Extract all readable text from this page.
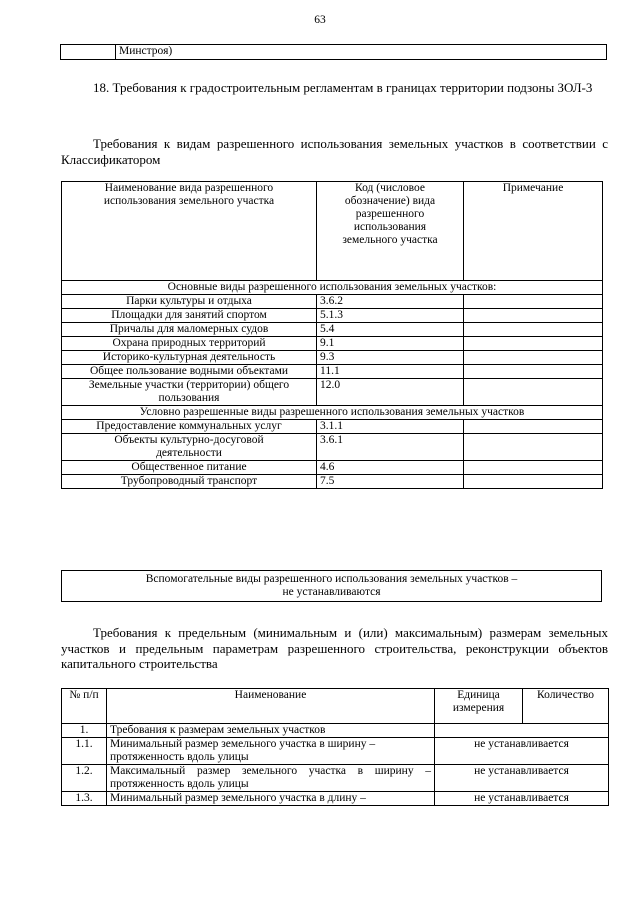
63
	Минстроя)
18. Требования к градостроительным регламентам в границах территории подзоны ЗОЛ-3
Требования к видам разрешенного использования земельных участков в соответствии с Классификатором
Наименование вида разрешенного использования земельного участка	Код (числовое обозначение) вида разрешенного использования земельного участка	Примечание
Основные виды разрешенного использования земельных участков:		
Парки культуры и отдыха	3.6.2	
Площадки для занятий спортом	5.1.3	
Причалы для маломерных судов	5.4	
Охрана природных территорий	9.1	
Историко-культурная деятельность	9.3	
Общее пользование водными объектами	11.1	
Земельные участки (территории) общего пользования	12.0	
Условно разрешенные виды разрешенного использования земельных участков		
Предоставление коммунальных услуг	3.1.1	
Объекты культурно-досуговой деятельности	3.6.1	
Общественное питание	4.6	
Трубопроводный транспорт	7.5	
Вспомогательные виды разрешенного использования земельных участков –
не устанавливаются
Требования к предельным (минимальным и (или) максимальным) размерам земельных участков и предельным параметрам разрешенного строительства, реконструкции объектов капитального строительства
№ п/п	Наименование	Единица измерения	Количество
1.	Требования к размерам земельных участков		
1.1.	Минимальный размер земельного участка в ширину – протяженность вдоль улицы	не устанавливается	
1.2.	Максимальный размер земельного участка в ширину – протяженность вдоль улицы	не устанавливается	
1.3.	Минимальный размер земельного участка в длину –	не устанавливается	
